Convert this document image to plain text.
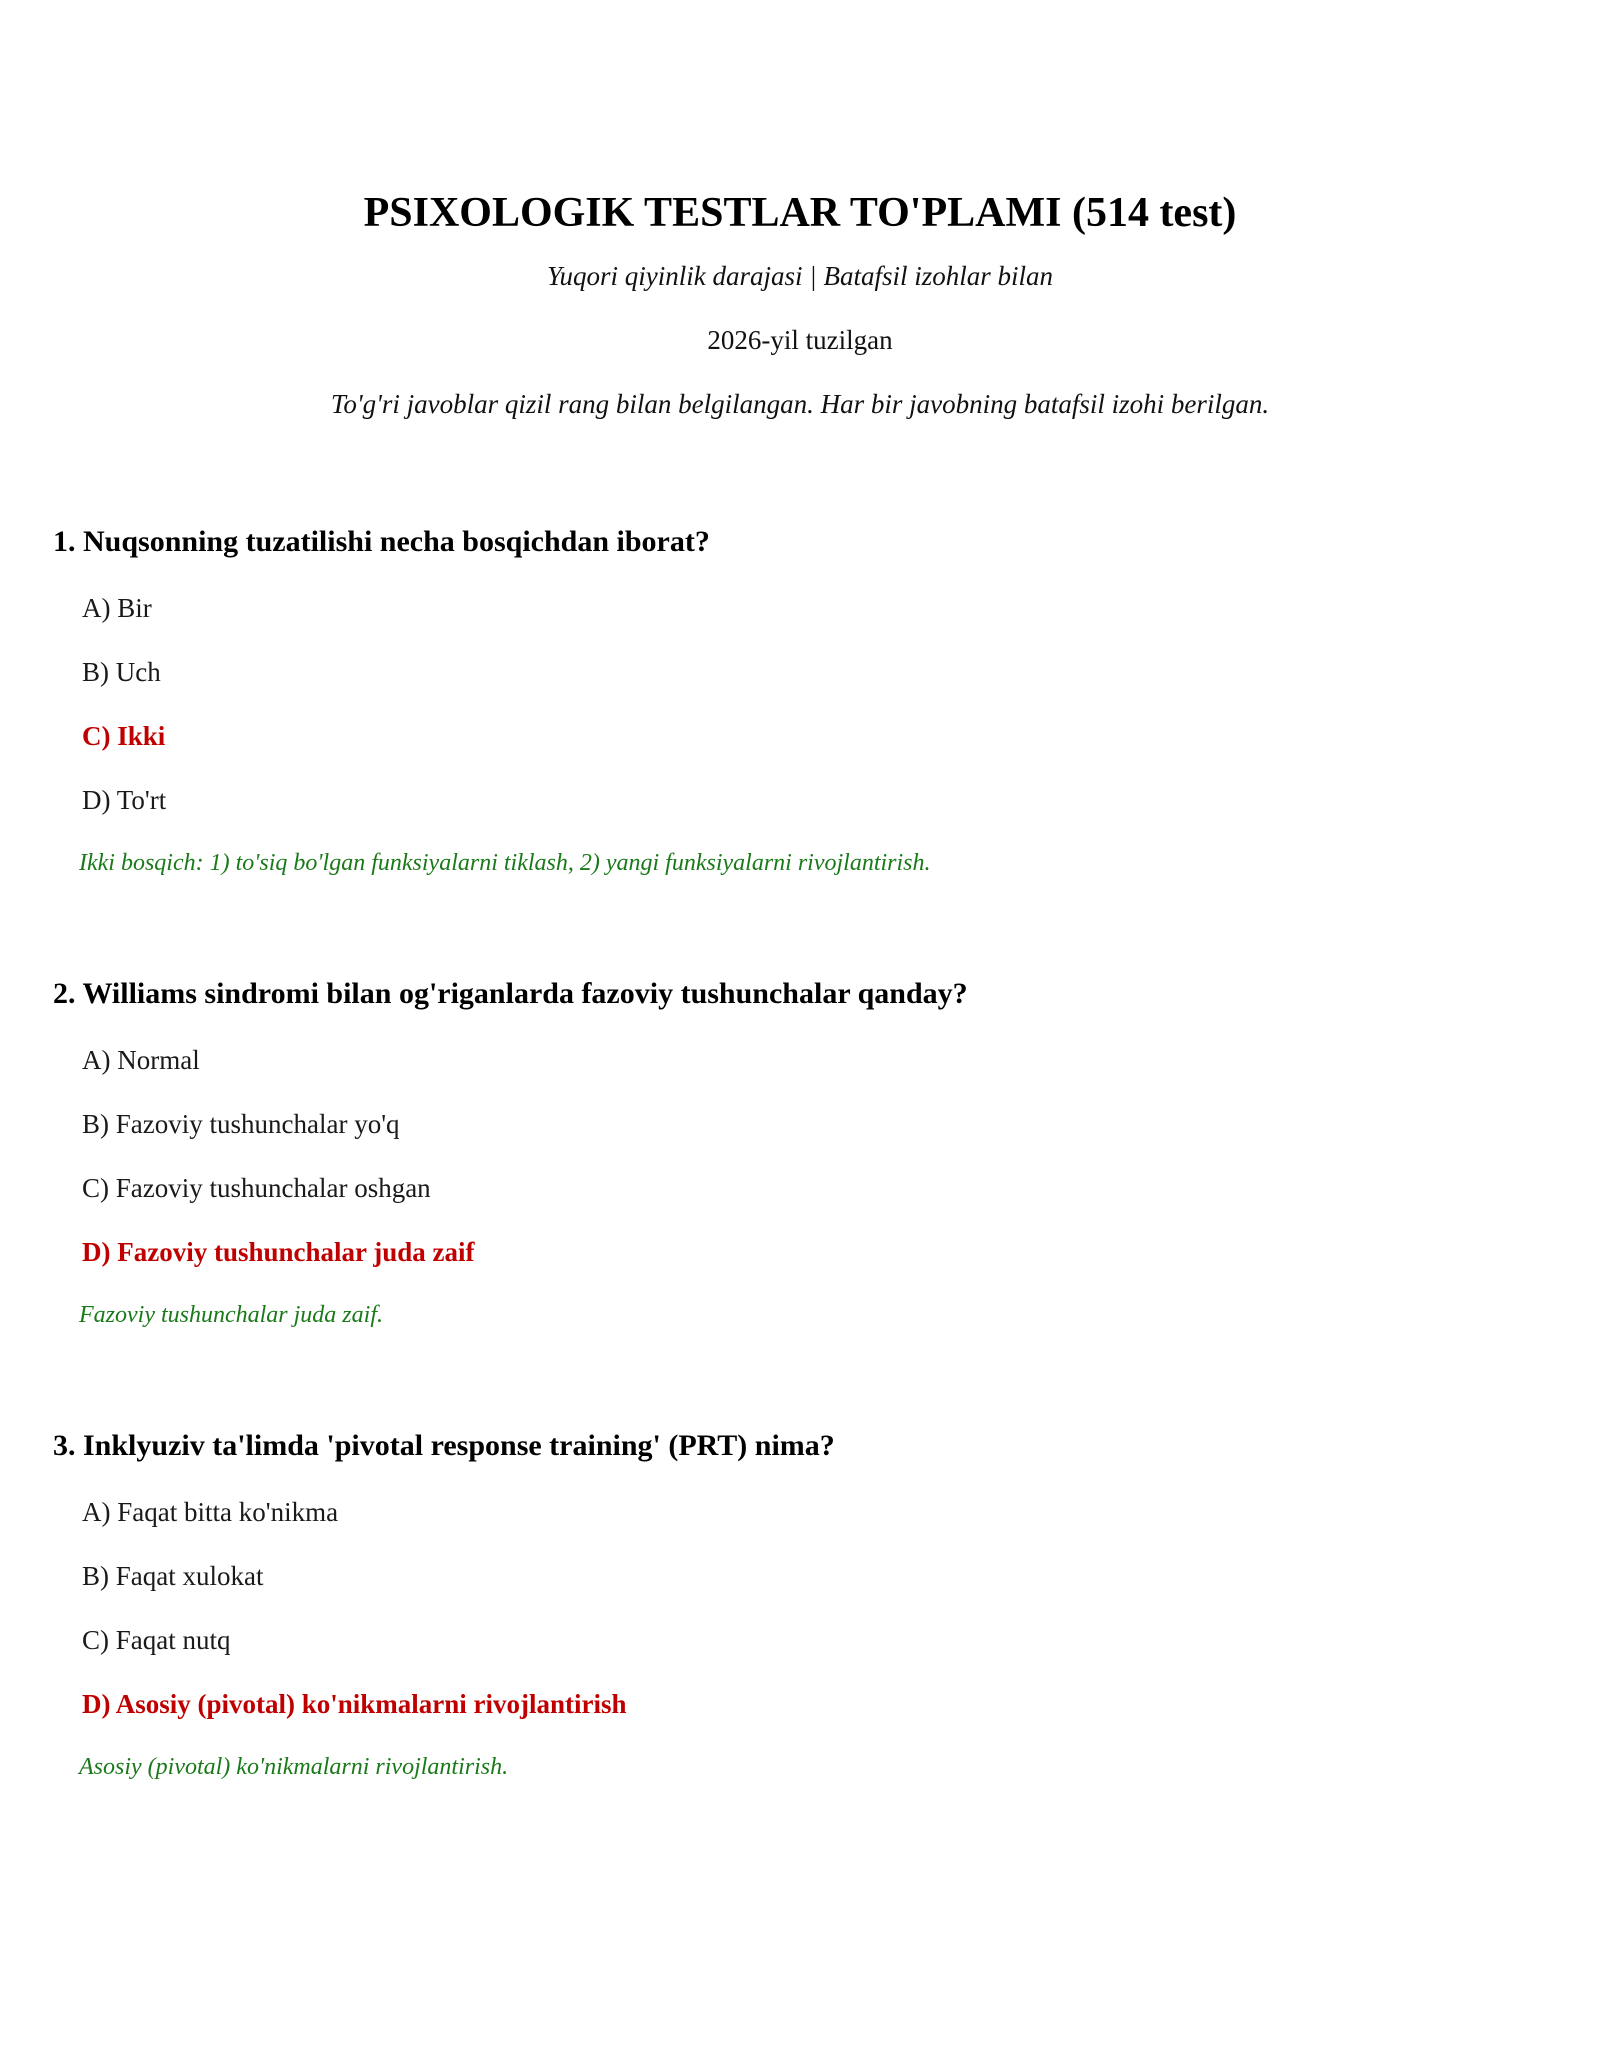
PSIXOLOGIK TESTLAR TO'PLAMI (514 test)
Yuqori qiyinlik darajasi | Batafsil izohlar bilan
2026-yil tuzilgan
To'g'ri javoblar qizil rang bilan belgilangan. Har bir javobning batafsil izohi berilgan.

1. Nuqsonning tuzatilishi necha bosqichdan iborat?

A) Bir
B) Uch
C) Ikki
D) To'rt
Ikki bosqich: 1) to'siq bo'lgan funksiyalarni tiklash, 2) yangi funksiyalarni rivojlantirish.

2. Williams sindromi bilan og'riganlarda fazoviy tushunchalar qanday?

A) Normal
B) Fazoviy tushunchalar yo'q
C) Fazoviy tushunchalar oshgan
D) Fazoviy tushunchalar juda zaif
Fazoviy tushunchalar juda zaif.

3. Inklyuziv ta'limda 'pivotal response training' (PRT) nima?

A) Faqat bitta ko'nikma
B) Faqat xulokat
C) Faqat nutq
D) Asosiy (pivotal) ko'nikmalarni rivojlantirish
Asosiy (pivotal) ko'nikmalarni rivojlantirish.
